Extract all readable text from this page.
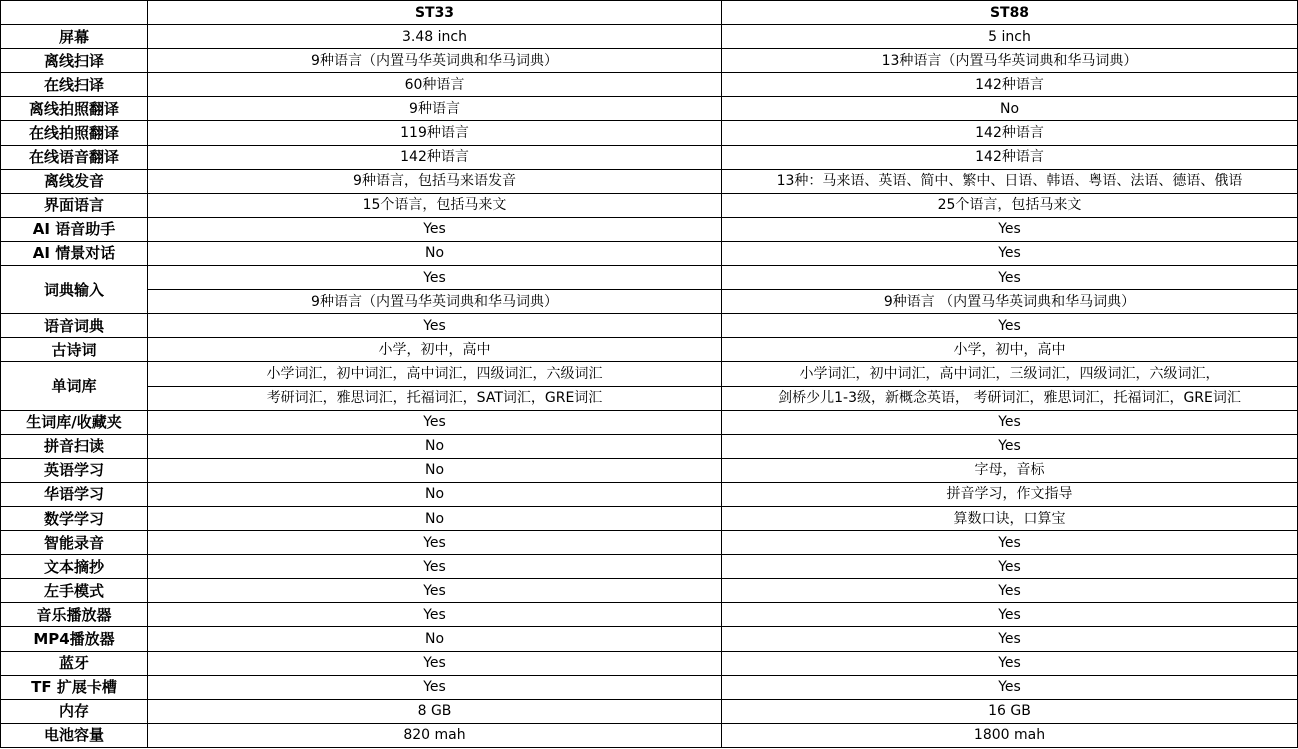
	ST33	ST88
屏幕	3.48 inch	5 inch
离线扫译	9种语言（内置马华英词典和华马词典）	13种语言（内置马华英词典和华马词典）
在线扫译	60种语言	142种语言
离线拍照翻译	9种语言	No
在线拍照翻译	119种语言	142种语言
在线语音翻译	142种语言	142种语言
离线发音	9种语言，包括马来语发音	13种：马来语、英语、简中、繁中、日语、韩语、粤语、法语、德语、俄语
界面语言	15个语言，包括马来文	25个语言，包括马来文
AI 语音助手	Yes	Yes
AI 情景对话	No	Yes
词典输入	Yes	Yes
	9种语言（内置马华英词典和华马词典）	9种语言 （内置马华英词典和华马词典）
语音词典	Yes	Yes
古诗词	小学，初中，高中	小学，初中，高中
单词库	小学词汇，初中词汇，高中词汇，四级词汇，六级词汇	小学词汇，初中词汇，高中词汇，三级词汇，四级词汇，六级词汇，
	考研词汇，雅思词汇，托福词汇，SAT词汇，GRE词汇	剑桥少儿1-3级，新概念英语， 考研词汇，雅思词汇，托福词汇，GRE词汇
生词库/收藏夹	Yes	Yes
拼音扫读	No	Yes
英语学习	No	字母，音标
华语学习	No	拼音学习，作文指导
数学学习	No	算数口诀，口算宝
智能录音	Yes	Yes
文本摘抄	Yes	Yes
左手模式	Yes	Yes
音乐播放器	Yes	Yes
MP4播放器	No	Yes
蓝牙	Yes	Yes
TF 扩展卡槽	Yes	Yes
内存	8 GB	16 GB
电池容量	820 mah	1800 mah
